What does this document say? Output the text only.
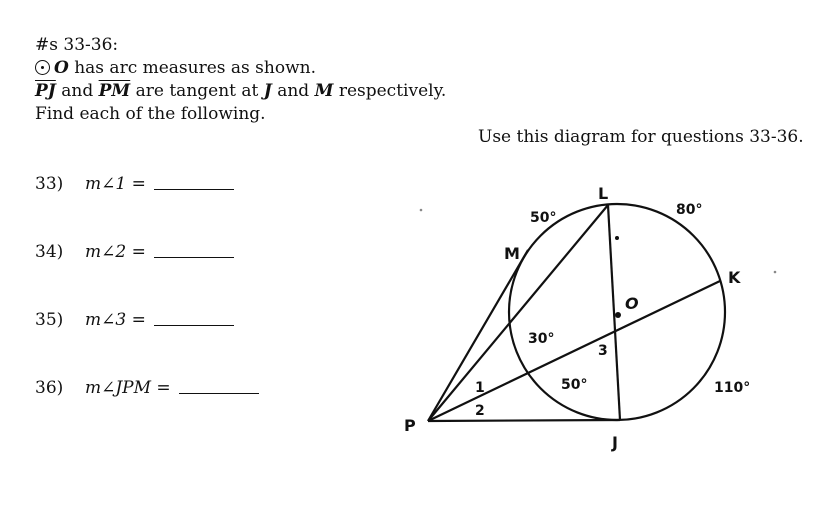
#s 33-36:
O has arc measures as shown.
$\overline{PJ}$ and $\overline{PM}$ are tangent at J and M respectively.
Find each of the following.
Use this diagram for questions 33-36.
33) m∠1 =
34) m∠2 =
35) m∠3 =
36) m∠JPM =
L
K
M
P
J
O
50°	80°
110°
50°
30°
1
2
3
